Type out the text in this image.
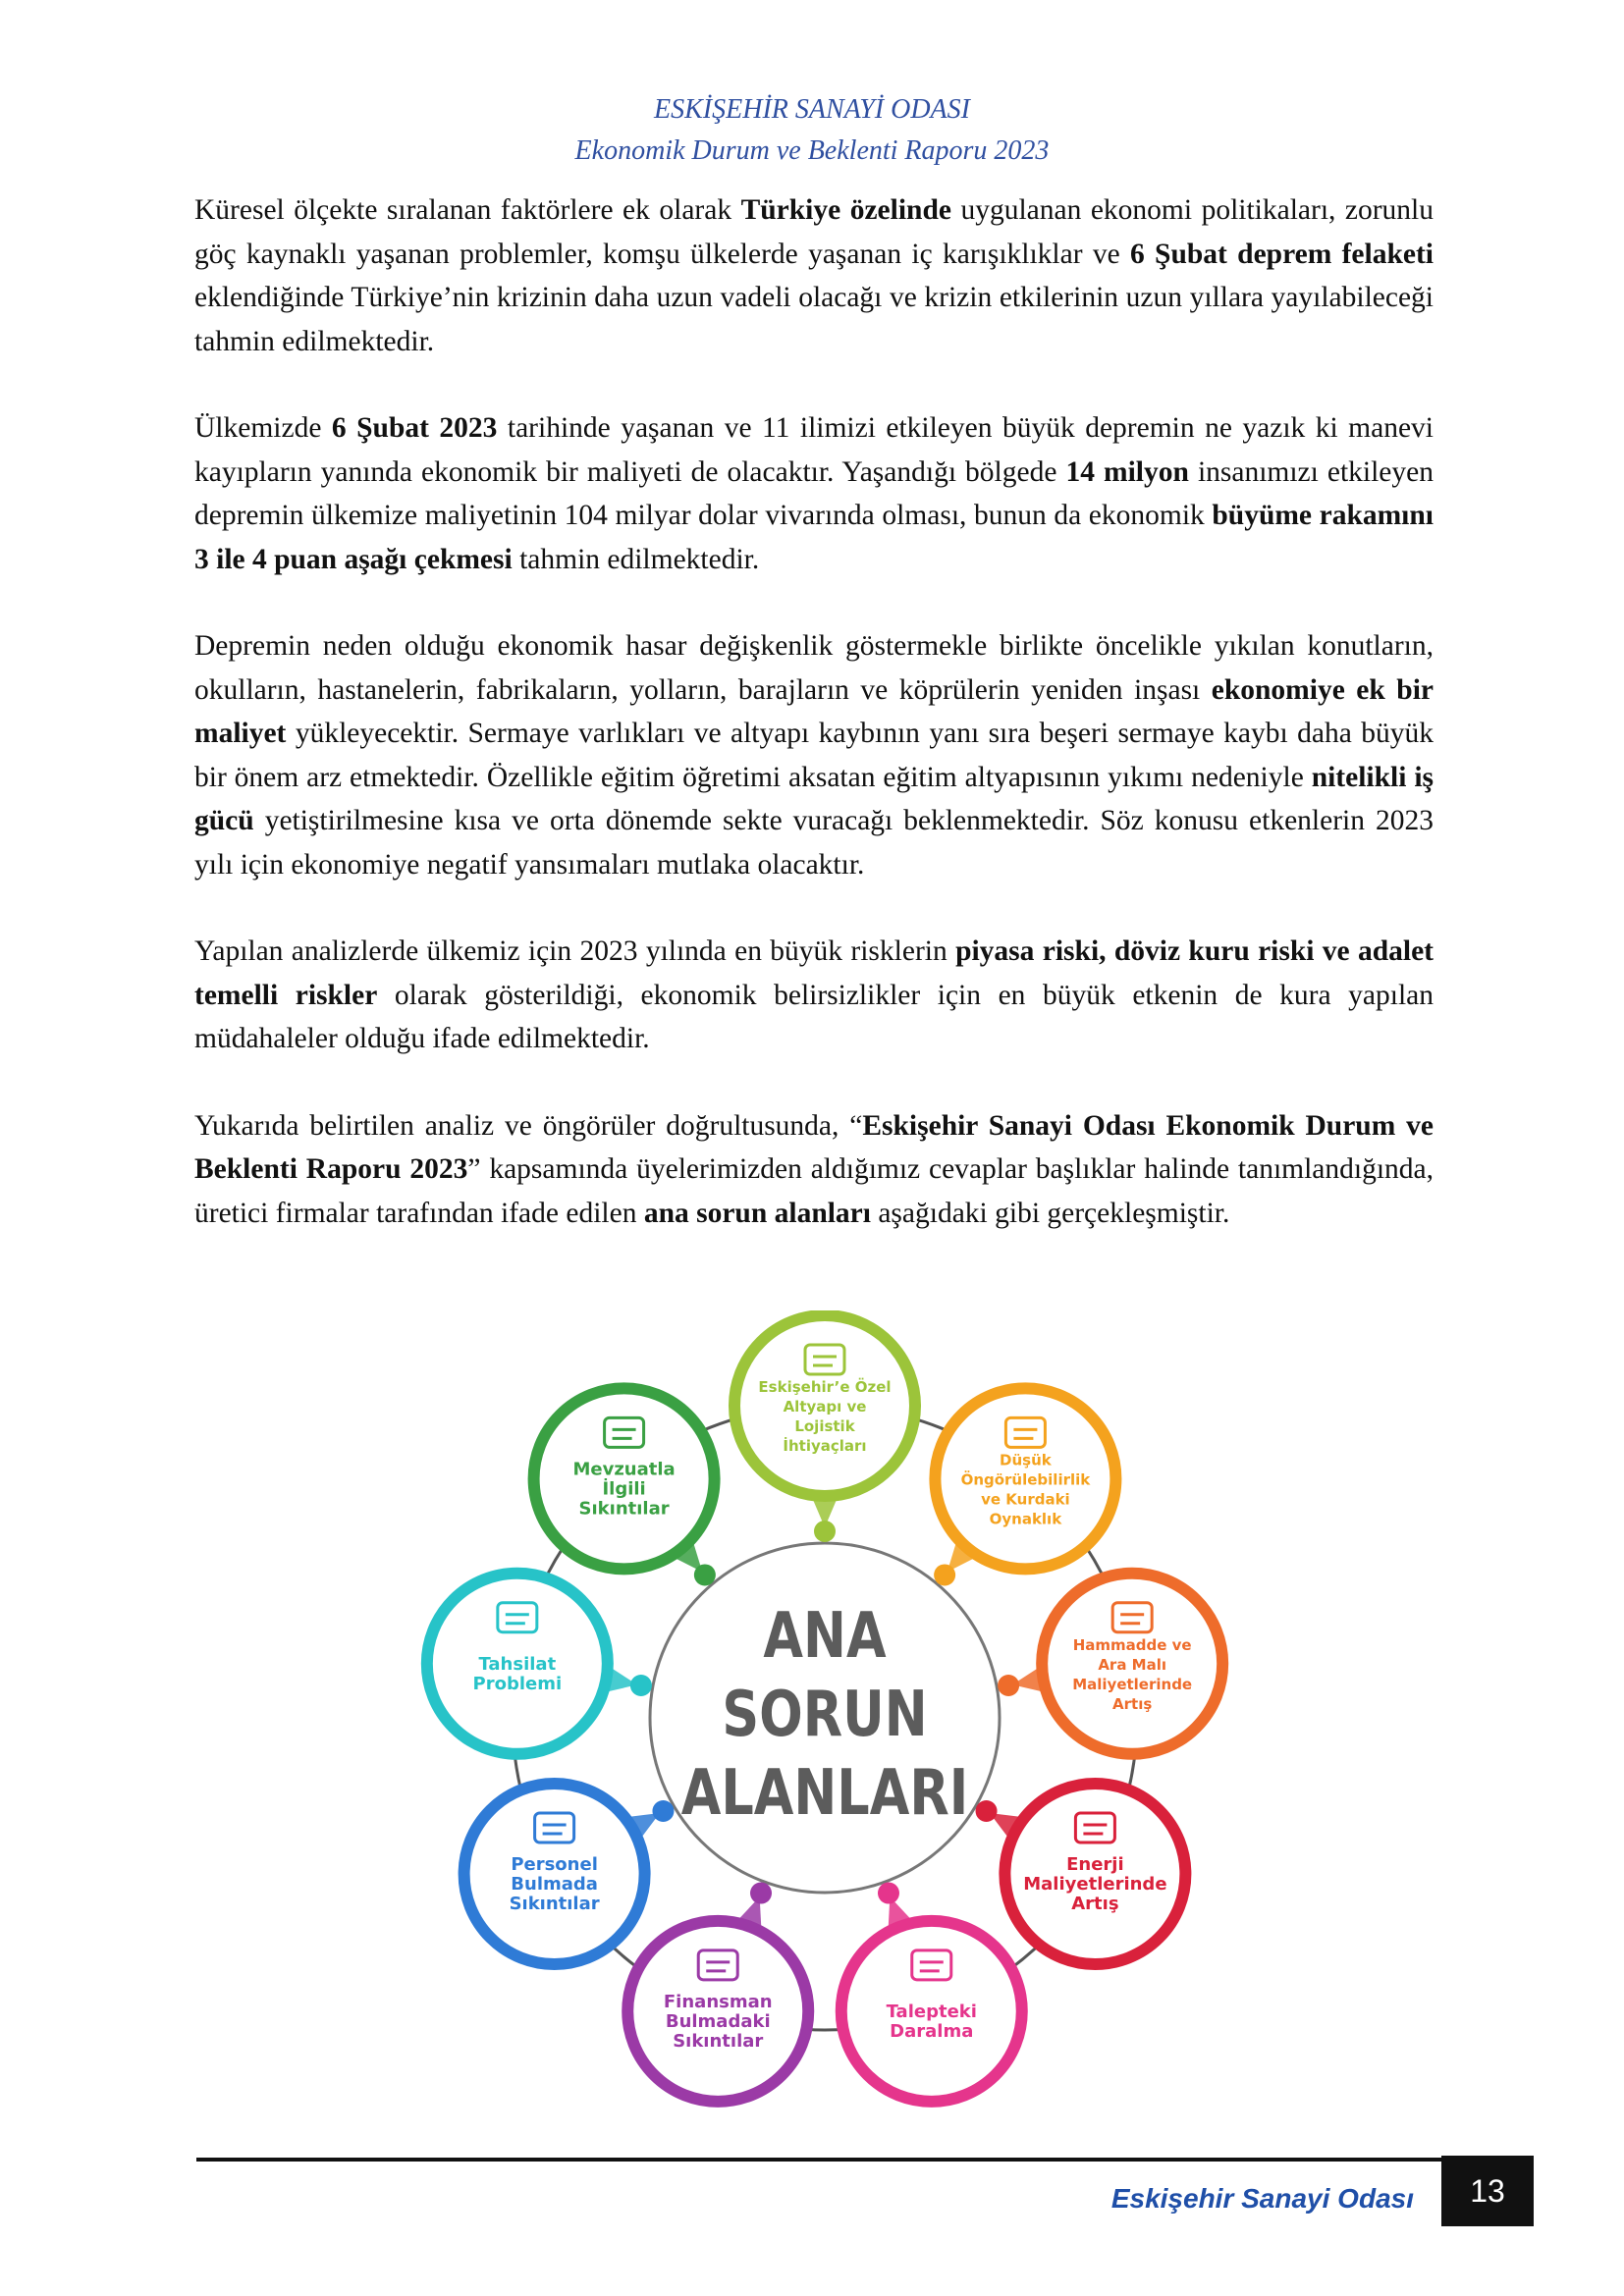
ESKİŞEHİR SANAYİ ODASI
Ekonomik Durum ve Beklenti Raporu 2023

Küresel ölçekte sıralanan faktörlere ek olarak Türkiye özelinde uygulanan ekonomi politikaları, zorunlu göç kaynaklı yaşanan problemler, komşu ülkelerde yaşanan iç karışıklıklar ve 6 Şubat deprem felaketi eklendiğinde Türkiye’nin krizinin daha uzun vadeli olacağı ve krizin etkilerinin uzun yıllara yayılabileceği tahmin edilmektedir.

Ülkemizde 6 Şubat 2023 tarihinde yaşanan ve 11 ilimizi etkileyen büyük depremin ne yazık ki manevi kayıpların yanında ekonomik bir maliyeti de olacaktır. Yaşandığı bölgede 14 milyon insanımızı etkileyen depremin ülkemize maliyetinin 104 milyar dolar vivarında olması, bunun da ekonomik büyüme rakamını 3 ile 4 puan aşağı çekmesi tahmin edilmektedir.

Depremin neden olduğu ekonomik hasar değişkenlik göstermekle birlikte öncelikle yıkılan konutların, okulların, hastanelerin, fabrikaların, yolların, barajların ve köprülerin yeniden inşası ekonomiye ek bir maliyet yükleyecektir. Sermaye varlıkları ve altyapı kaybının yanı sıra beşeri sermaye kaybı daha büyük bir önem arz etmektedir. Özellikle eğitim öğretimi aksatan eğitim altyapısının yıkımı nedeniyle nitelikli iş gücü yetiştirilmesine kısa ve orta dönemde sekte vuracağı beklenmektedir. Söz konusu etkenlerin 2023 yılı için ekonomiye negatif yansımaları mutlaka olacaktır.

Yapılan analizlerde ülkemiz için 2023 yılında en büyük risklerin piyasa riski, döviz kuru riski ve adalet temelli riskler olarak gösterildiği, ekonomik belirsizlikler için en büyük etkenin de kura yapılan müdahaleler olduğu ifade edilmektedir.

Yukarıda belirtilen analiz ve öngörüler doğrultusunda, “Eskişehir Sanayi Odası Ekonomik Durum ve Beklenti Raporu 2023” kapsamında üyelerimizden aldığımız cevaplar başlıklar halinde tanımlandığında, üretici firmalar tarafından ifade edilen ana sorun alanları aşağıdaki gibi gerçekleşmiştir.

ANA
SORUN
ALANLARI
Eskişehir’e Özel
Altyapı ve
Lojistik
İhtiyaçları
Düşük
Öngörülebilirlik
ve Kurdaki
Oynaklık
Hammadde ve
Ara Malı
Maliyetlerinde
Artış
Enerji
Maliyetlerinde
Artış
Talepteki
Daralma
Finansman
Bulmadaki
Sıkıntılar
Personel
Bulmada
Sıkıntılar
Tahsilat
Problemi
Mevzuatla
İlgili
Sıkıntılar
Eskişehir Sanayi Odası	13
